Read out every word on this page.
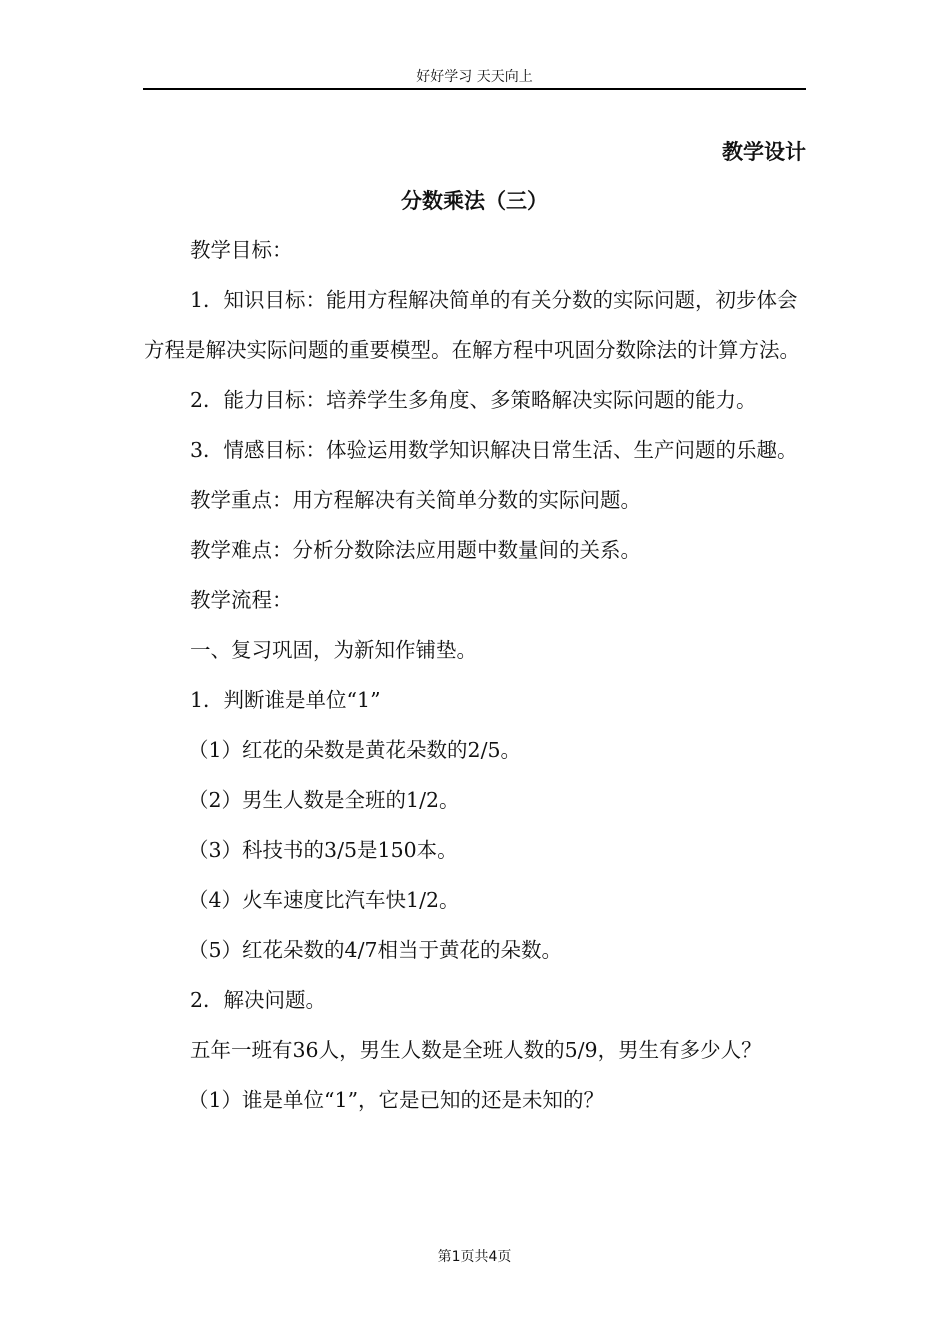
好好学习 天天向上
教学设计
分数乘法（三）

教学目标：

1．知识目标：能用方程解决简单的有关分数的实际问题，初步体会方程是解决实际问题的重要模型。在解方程中巩固分数除法的计算方法。

2．能力目标：培养学生多角度、多策略解决实际问题的能力。

3．情感目标：体验运用数学知识解决日常生活、生产问题的乐趣。

教学重点：用方程解决有关简单分数的实际问题。

教学难点：分析分数除法应用题中数量间的关系。

教学流程：

一、复习巩固，为新知作铺垫。

1．判断谁是单位“1”

（1）红花的朵数是黄花朵数的2/5。

（2）男生人数是全班的1/2。

（3）科技书的3/5是150本。

（4）火车速度比汽车快1/2。

（5）红花朵数的4/7相当于黄花的朵数。

2．解决问题。

五年一班有36人，男生人数是全班人数的5/9，男生有多少人？

（1）谁是单位“1”，它是已知的还是未知的？

第1页共4页
